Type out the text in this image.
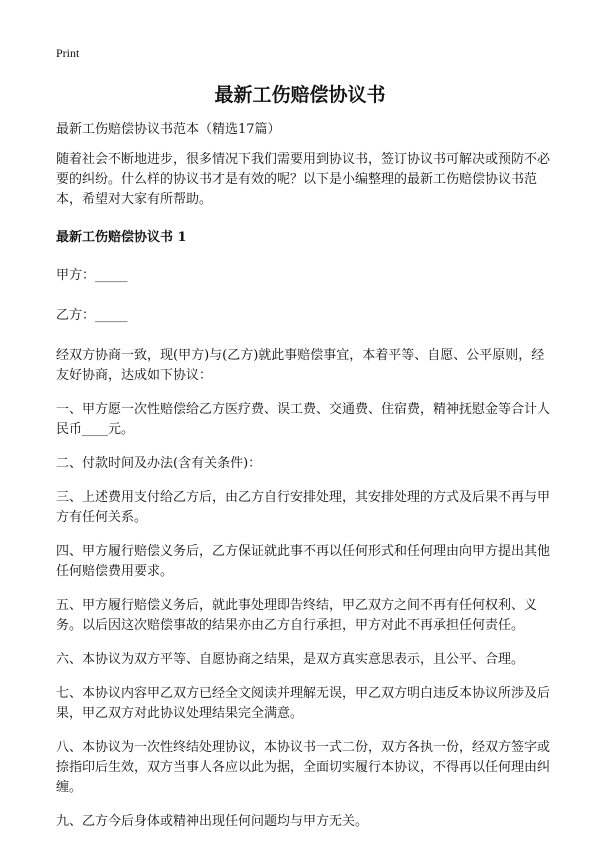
Print
最新工伤赔偿协议书

最新工伤赔偿协议书范本（精选17篇）

随着社会不断地进步，很多情况下我们需要用到协议书，签订协议书可解决或预防不必要的纠纷。什么样的协议书才是有效的呢？以下是小编整理的最新工伤赔偿协议书范本，希望对大家有所帮助。

最新工伤赔偿协议书 1

甲方：_____

乙方：_____

经双方协商一致，现(甲方)与(乙方)就此事赔偿事宜，本着平等、自愿、公平原则，经友好协商，达成如下协议：

一、甲方愿一次性赔偿给乙方医疗费、误工费、交通费、住宿费，精神抚慰金等合计人民币____元。

二、付款时间及办法(含有关条件)：

三、上述费用支付给乙方后，由乙方自行安排处理，其安排处理的方式及后果不再与甲方有任何关系。

四、甲方履行赔偿义务后，乙方保证就此事不再以任何形式和任何理由向甲方提出其他任何赔偿费用要求。

五、甲方履行赔偿义务后，就此事处理即告终结，甲乙双方之间不再有任何权利、义务。以后因这次赔偿事故的结果亦由乙方自行承担，甲方对此不再承担任何责任。

六、本协议为双方平等、自愿协商之结果，是双方真实意思表示，且公平、合理。

七、本协议内容甲乙双方已经全文阅读并理解无误，甲乙双方明白违反本协议所涉及后果，甲乙双方对此协议处理结果完全满意。

八、本协议为一次性终结处理协议，本协议书一式二份，双方各执一份，经双方签字或捺指印后生效，双方当事人各应以此为据，全面切实履行本协议，不得再以任何理由纠缠。

九、乙方今后身体或精神出现任何问题均与甲方无关。
